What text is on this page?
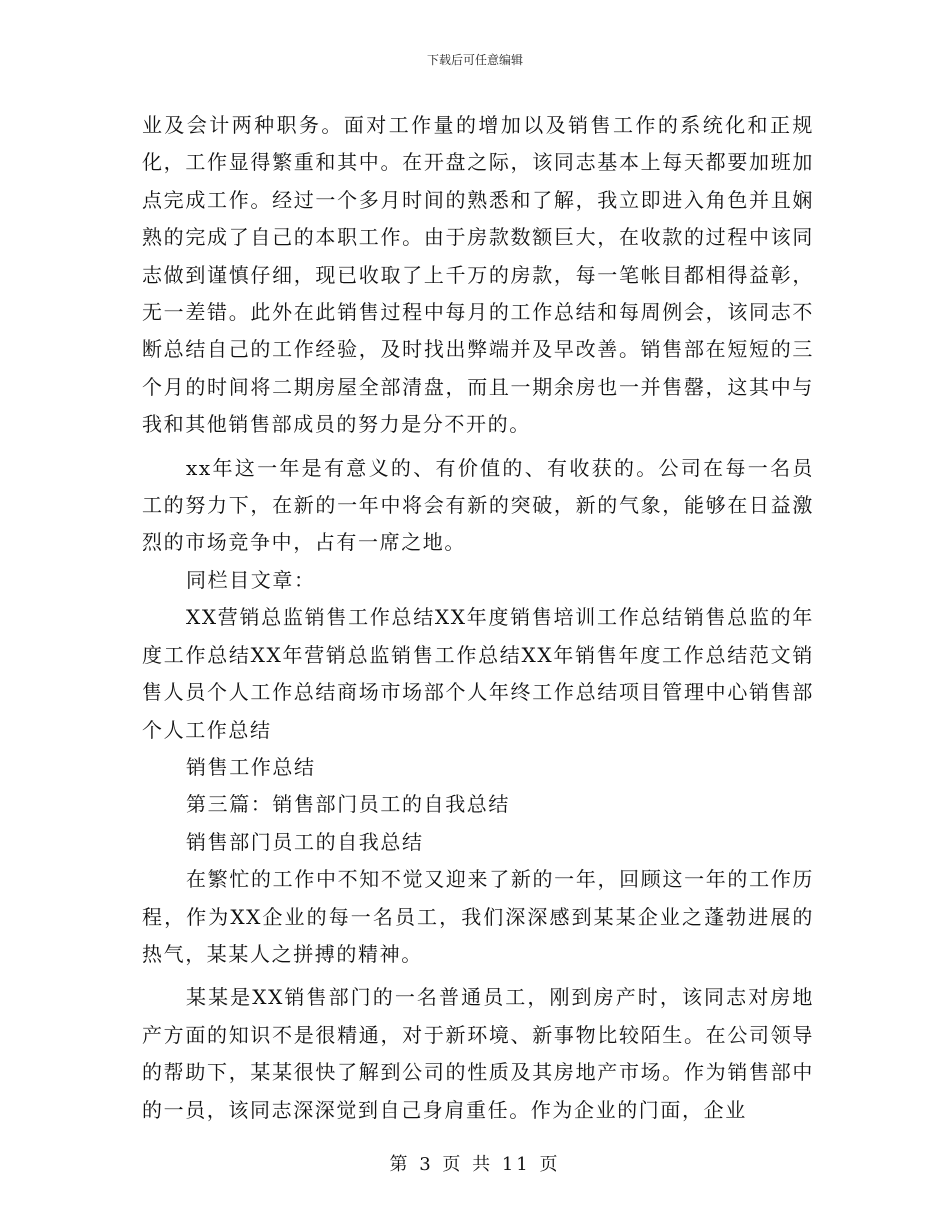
下载后可任意编辑

业及会计两种职务。面对工作量的增加以及销售工作的系统化和正规化，工作显得繁重和其中。在开盘之际，该同志基本上每天都要加班加点完成工作。经过一个多月时间的熟悉和了解，我立即进入角色并且娴熟的完成了自己的本职工作。由于房款数额巨大，在收款的过程中该同志做到谨慎仔细，现已收取了上千万的房款，每一笔帐目都相得益彰，无一差错。此外在此销售过程中每月的工作总结和每周例会，该同志不断总结自己的工作经验，及时找出弊端并及早改善。销售部在短短的三个月的时间将二期房屋全部清盘，而且一期余房也一并售罄，这其中与我和其他销售部成员的努力是分不开的。

xx年这一年是有意义的、有价值的、有收获的。公司在每一名员工的努力下，在新的一年中将会有新的突破，新的气象，能够在日益激烈的市场竞争中，占有一席之地。

同栏目文章：

XX营销总监销售工作总结XX年度销售培训工作总结销售总监的年度工作总结XX年营销总监销售工作总结XX年销售年度工作总结范文销售人员个人工作总结商场市场部个人年终工作总结项目管理中心销售部个人工作总结

销售工作总结

第三篇：销售部门员工的自我总结

销售部门员工的自我总结

在繁忙的工作中不知不觉又迎来了新的一年，回顾这一年的工作历程，作为XX企业的每一名员工，我们深深感到某某企业之蓬勃进展的热气，某某人之拼搏的精神。

某某是XX销售部门的一名普通员工，刚到房产时，该同志对房地产方面的知识不是很精通，对于新环境、新事物比较陌生。在公司领导的帮助下，某某很快了解到公司的性质及其房地产市场。作为销售部中的一员，该同志深深觉到自己身肩重任。作为企业的门面，企业

第 3 页 共 11 页
